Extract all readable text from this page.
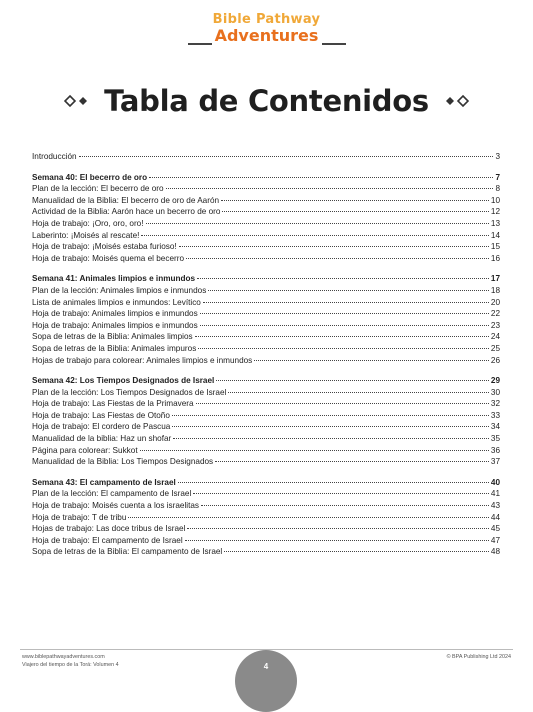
Bible Pathway
Adventures
Tabla de Contenidos
Introducción	3
Semana 40: El becerro de oro	7
Plan de la lección: El becerro de oro	8
Manualidad de la Biblia: El becerro de oro de Aarón	10
Actividad de la Biblia: Aarón hace un becerro de oro	12
Hoja de trabajo: ¡Oro, oro, oro!	13
Laberinto: ¡Moisés al rescate!	14
Hoja de trabajo: ¡Moisés estaba furioso!	15
Hoja de trabajo: Moisés quema el becerro	16
Semana 41: Animales limpios e inmundos	17
Plan de la lección: Animales limpios e inmundos	18
Lista de animales limpios e inmundos: Levítico	20
Hoja de trabajo: Animales limpios e inmundos	22
Hoja de trabajo: Animales limpios e inmundos	23
Sopa de letras de la Biblia: Animales limpios	24
Sopa de letras de la Biblia: Animales impuros	25
Hojas de trabajo para colorear: Animales limpios e inmundos	26
Semana 42: Los Tiempos Designados de Israel	29
Plan de la lección: Los Tiempos Designados de Israel	30
Hoja de trabajo: Las Fiestas de la Primavera	32
Hoja de trabajo: Las Fiestas de Otoño	33
Hoja de trabajo: El cordero de Pascua	34
Manualidad de la biblia: Haz un shofar	35
Página para colorear: Sukkot	36
Manualidad de la Biblia: Los Tiempos Designados	37
Semana 43: El campamento de Israel	40
Plan de la lección: El campamento de Israel	41
Hoja de trabajo: Moisés cuenta a los israelitas	43
Hoja de trabajo: T de tribu	44
Hojas de trabajo: Las doce tribus de Israel	45
Hoja de trabajo: El campamento de Israel	47
Sopa de letras de la Biblia: El campamento de Israel	48
www.biblepathwayadventures.com
Viajero del tiempo de la Torá: Volumen 4
© BPA Publishing Ltd 2024
4
